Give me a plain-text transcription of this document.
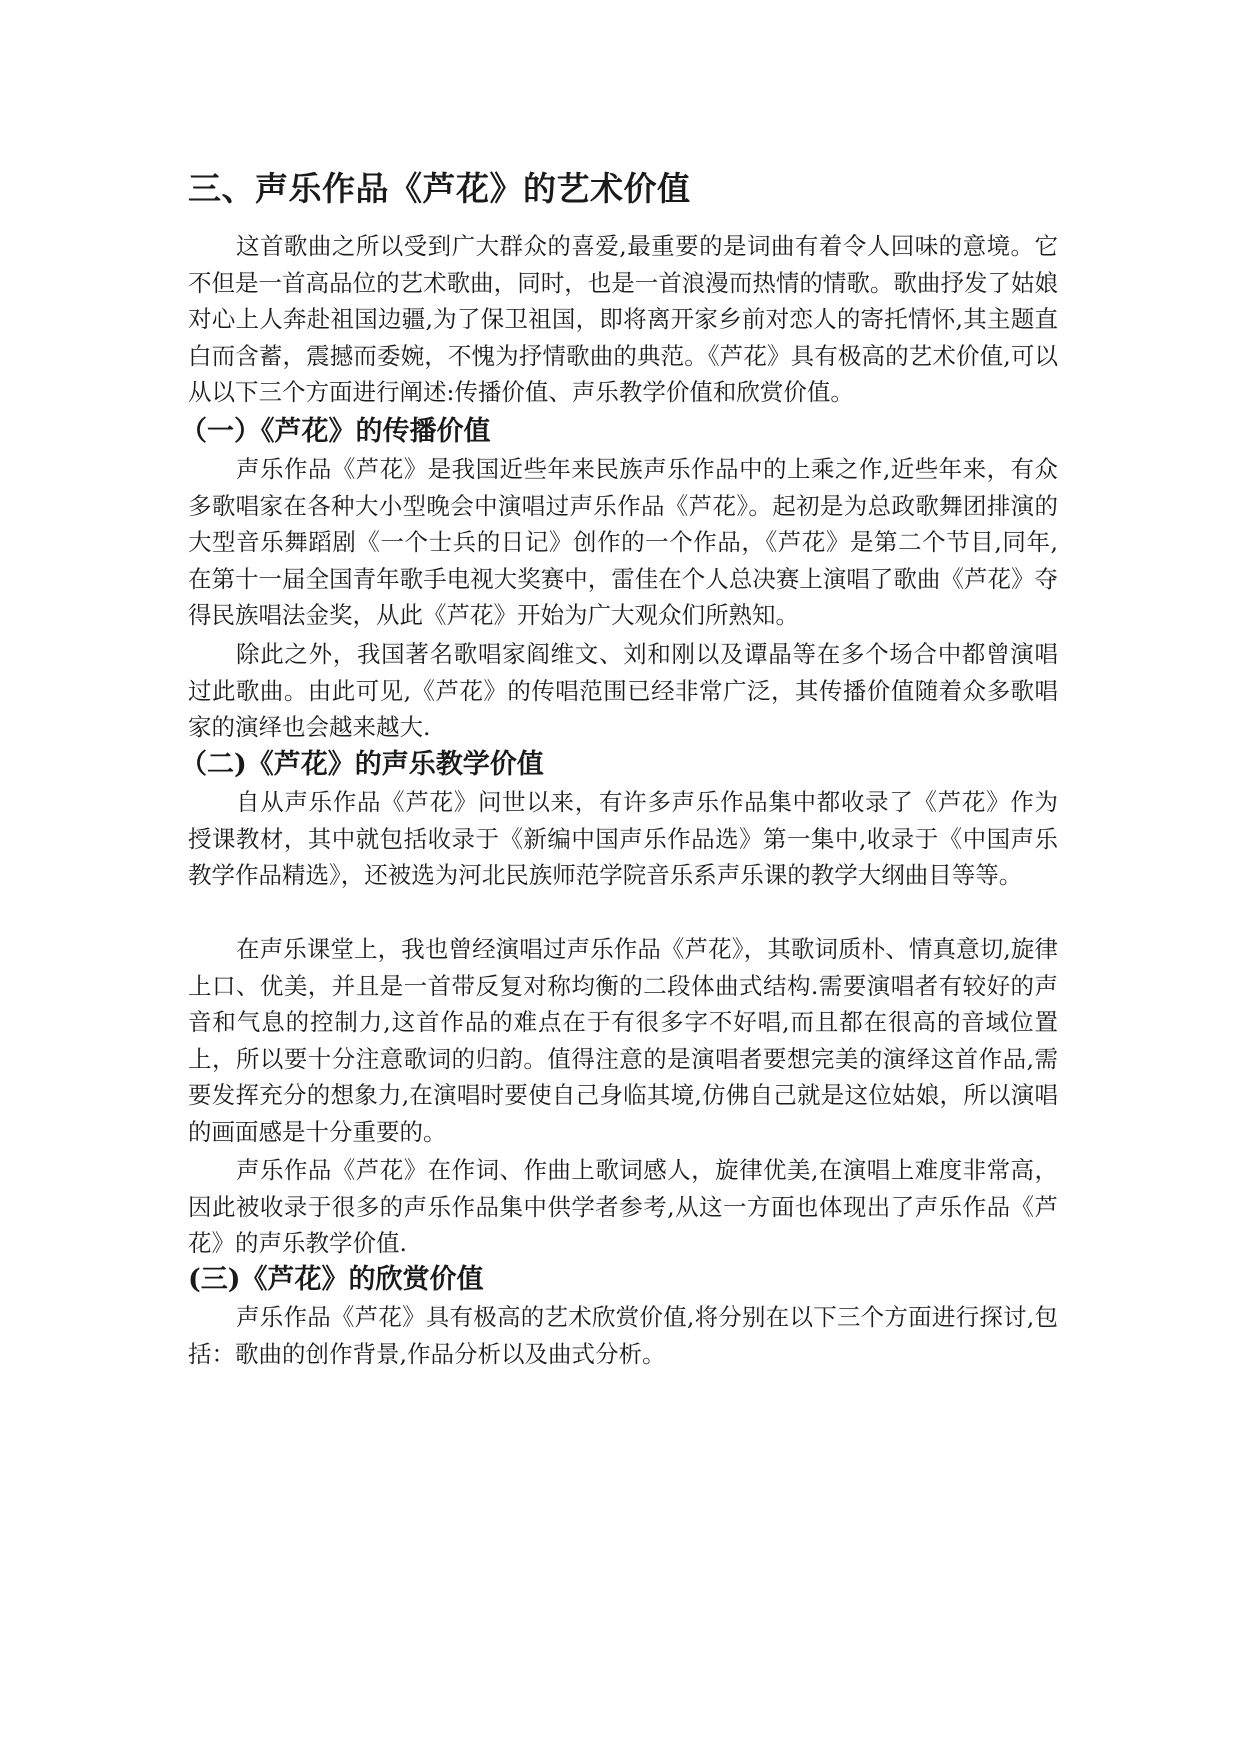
三、声乐作品《芦花》的艺术价值

这首歌曲之所以受到广大群众的喜爱,最重要的是词曲有着令人回味的意境。它不但是一首高品位的艺术歌曲，同时，也是一首浪漫而热情的情歌。歌曲抒发了姑娘对心上人奔赴祖国边疆,为了保卫祖国，即将离开家乡前对恋人的寄托情怀,其主题直白而含蓄，震撼而委婉，不愧为抒情歌曲的典范。《芦花》具有极高的艺术价值,可以从以下三个方面进行阐述:传播价值、声乐教学价值和欣赏价值。

（一）《芦花》的传播价值

声乐作品《芦花》是我国近些年来民族声乐作品中的上乘之作,近些年来，有众多歌唱家在各种大小型晚会中演唱过声乐作品《芦花》。起初是为总政歌舞团排演的大型音乐舞蹈剧《一个士兵的日记》创作的一个作品，《芦花》是第二个节目,同年,在第十一届全国青年歌手电视大奖赛中，雷佳在个人总决赛上演唱了歌曲《芦花》夺得民族唱法金奖，从此《芦花》开始为广大观众们所熟知。

除此之外，我国著名歌唱家阎维文、刘和刚以及谭晶等在多个场合中都曾演唱过此歌曲。由此可见,《芦花》的传唱范围已经非常广泛，其传播价值随着众多歌唱家的演绎也会越来越大.

（二)《芦花》的声乐教学价值

自从声乐作品《芦花》问世以来，有许多声乐作品集中都收录了《芦花》作为授课教材，其中就包括收录于《新编中国声乐作品选》第一集中,收录于《中国声乐教学作品精选》，还被选为河北民族师范学院音乐系声乐课的教学大纲曲目等等。

在声乐课堂上，我也曾经演唱过声乐作品《芦花》，其歌词质朴、情真意切,旋律上口、优美，并且是一首带反复对称均衡的二段体曲式结构.需要演唱者有较好的声音和气息的控制力,这首作品的难点在于有很多字不好唱,而且都在很高的音域位置上，所以要十分注意歌词的归韵。值得注意的是演唱者要想完美的演绎这首作品,需要发挥充分的想象力,在演唱时要使自己身临其境,仿佛自己就是这位姑娘，所以演唱的画面感是十分重要的。

声乐作品《芦花》在作词、作曲上歌词感人，旋律优美,在演唱上难度非常高，因此被收录于很多的声乐作品集中供学者参考,从这一方面也体现出了声乐作品《芦花》的声乐教学价值.

(三)《芦花》的欣赏价值

声乐作品《芦花》具有极高的艺术欣赏价值,将分别在以下三个方面进行探讨,包括：歌曲的创作背景,作品分析以及曲式分析。
